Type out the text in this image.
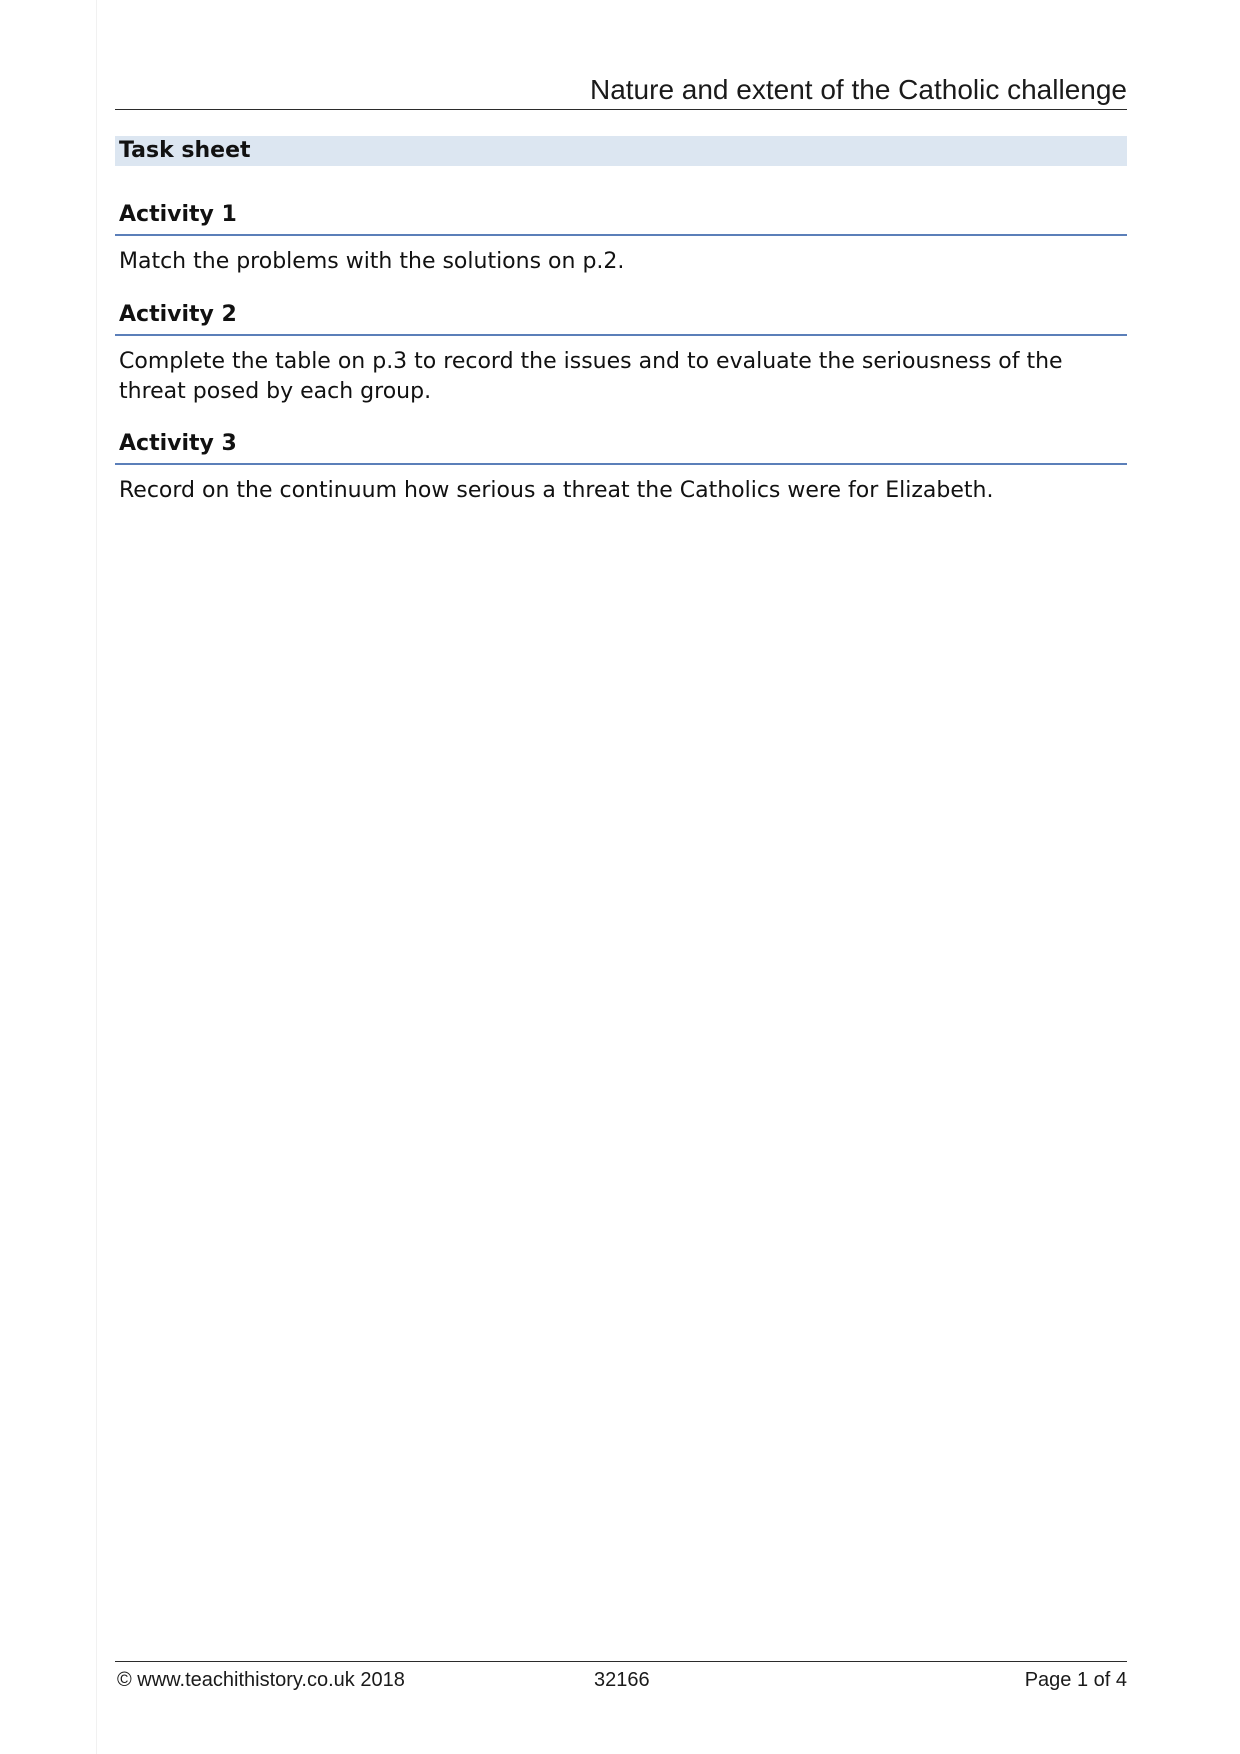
Nature and extent of the Catholic challenge
Task sheet
Activity 1
Match the problems with the solutions on p.2.
Activity 2
Complete the table on p.3 to record the issues and to evaluate the seriousness of the threat posed by each group.
Activity 3
Record on the continuum how serious a threat the Catholics were for Elizabeth.
© www.teachithistory.co.uk 2018	32166	Page 1 of 4
